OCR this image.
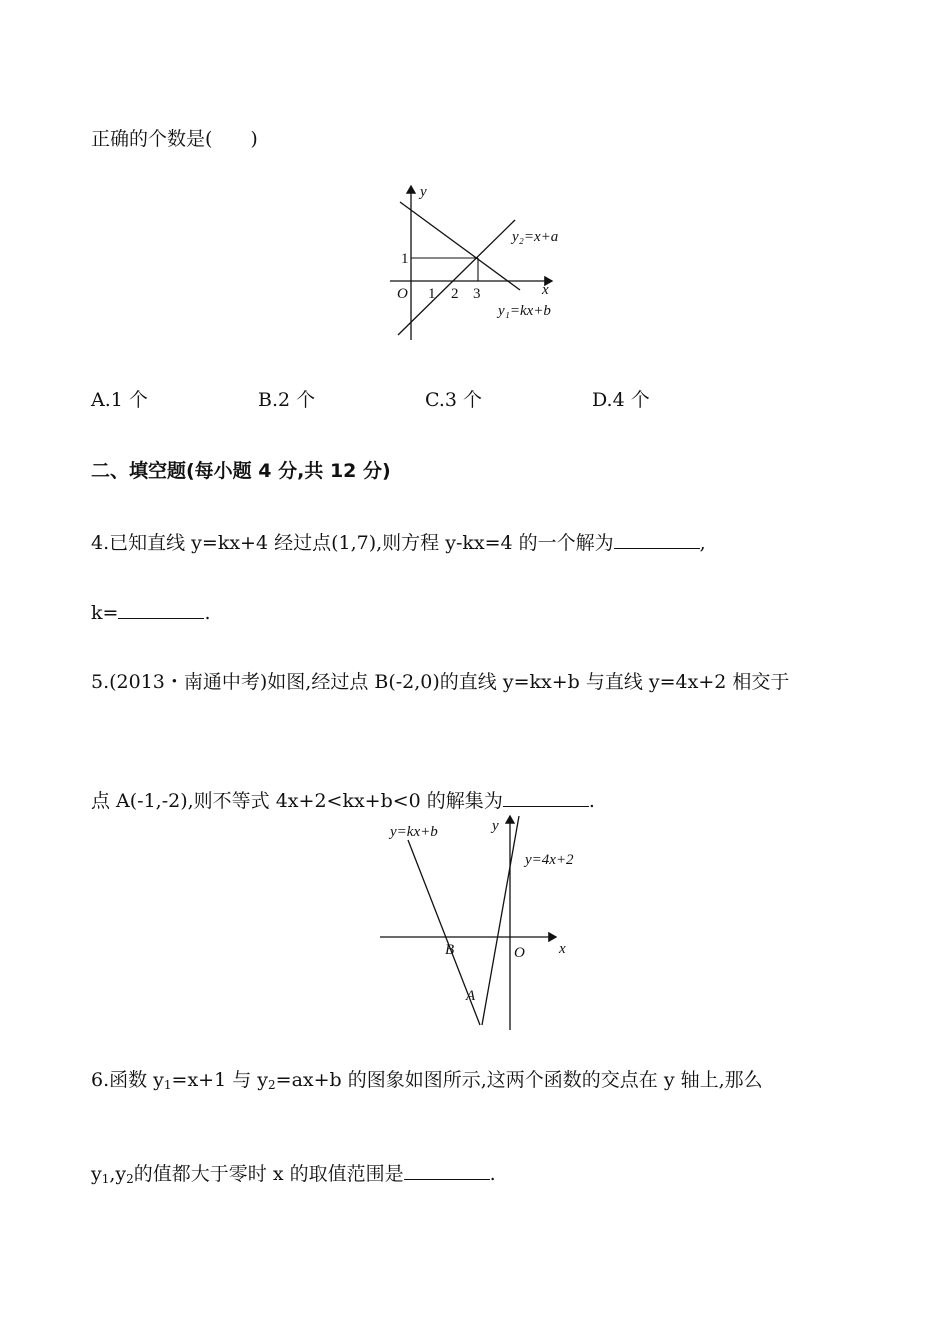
正确的个数是(　　)
y
x
O
1
1 2 3
y₂=x+a
y₁=kx+b
A.1 个	B.2 个	C.3 个	D.4 个
二、填空题(每小题 4 分,共 12 分)
4.已知直线 y=kx+4 经过点(1,7),则方程 y-kx=4 的一个解为	,
k=	.
5.(2013・南通中考)如图,经过点 B(-2,0)的直线 y=kx+b 与直线 y=4x+2 相交于
点 A(-1,-2),则不等式 4x+2<kx+b<0 的解集为	.
y=kx+b
y=4x+2
y
x
O
B
A
6.函数 $y_1=x+1$ 与 $y_2=ax+b$ 的图象如图所示,这两个函数的交点在 y 轴上,那么
$y_1,y_2$的值都大于零时 x 的取值范围是	.
